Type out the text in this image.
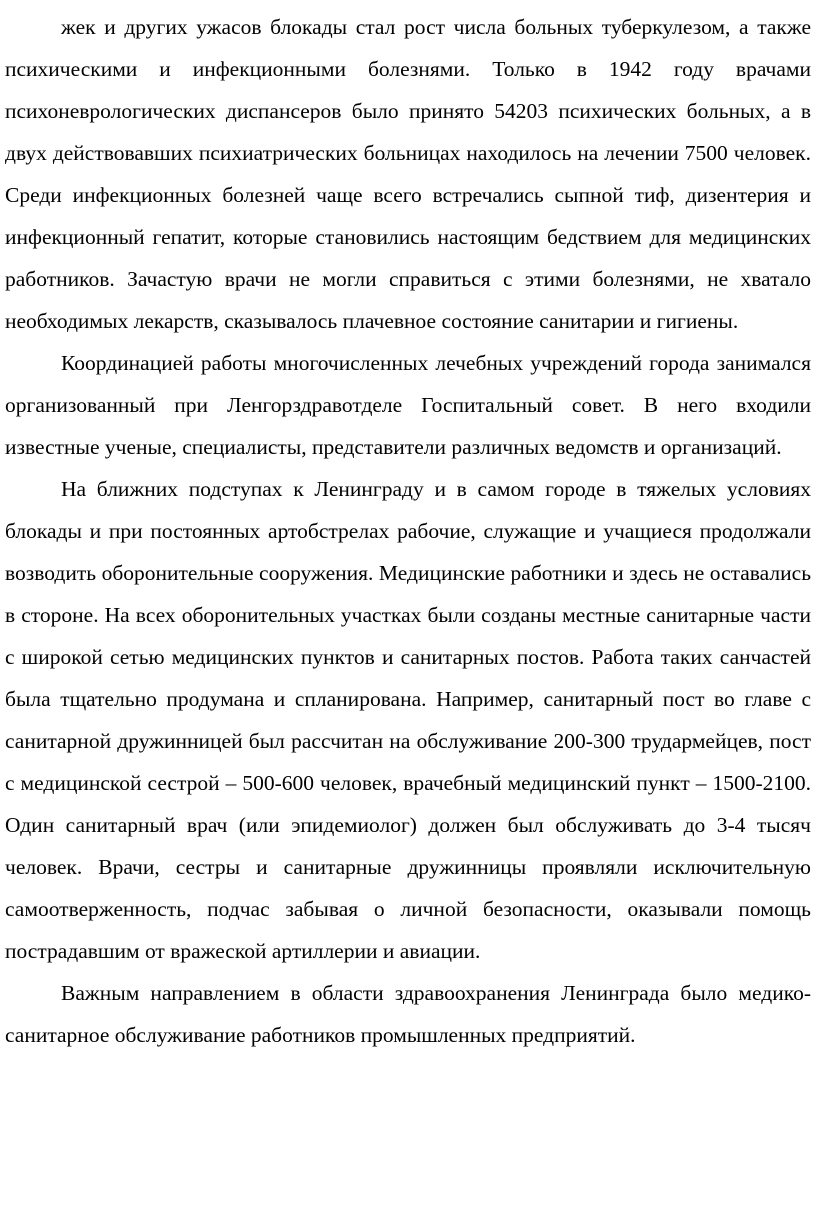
жек и других ужасов блокады стал рост числа больных туберкулезом, а также психическими и инфекционными болезнями. Только в 1942 году врачами психоневрологических диспансеров было принято 54203 психических больных, а в двух действовавших психиатрических больницах находилось на лечении 7500 человек. Среди инфекционных болезней чаще всего встречались сыпной тиф, дизентерия и инфекционный гепатит, которые становились настоящим бедствием для медицинских работников. Зачастую врачи не могли справиться с этими болезнями, не хватало необходимых лекарств, сказывалось плачевное состояние санитарии и гигиены.

Координацией работы многочисленных лечебных учреждений города занимался организованный при Ленгорздравотделе Госпитальный совет. В него входили известные ученые, специалисты, представители различных ведомств и организаций.

На ближних подступах к Ленинграду и в самом городе в тяжелых условиях блокады и при постоянных артобстрелах рабочие, служащие и учащиеся продолжали возводить оборонительные сооружения. Медицинские работники и здесь не оставались в стороне. На всех оборонительных участках были созданы местные санитарные части с широкой сетью медицинских пунктов и санитарных постов. Работа таких санчастей была тщательно продумана и спланирована. Например, санитарный пост во главе с санитарной дружинницей был рассчитан на обслуживание 200-300 трудармейцев, пост с медицинской сестрой – 500-600 человек, врачебный медицинский пункт – 1500-2100. Один санитарный врач (или эпидемиолог) должен был обслуживать до 3-4 тысяч человек. Врачи, сестры и санитарные дружинницы проявляли исключительную самоотверженность, подчас забывая о личной безопасности, оказывали помощь пострадавшим от вражеской артиллерии и авиации.

Важным направлением в области здравоохранения Ленинграда было медико-санитарное обслуживание работников промышленных предприятий.
